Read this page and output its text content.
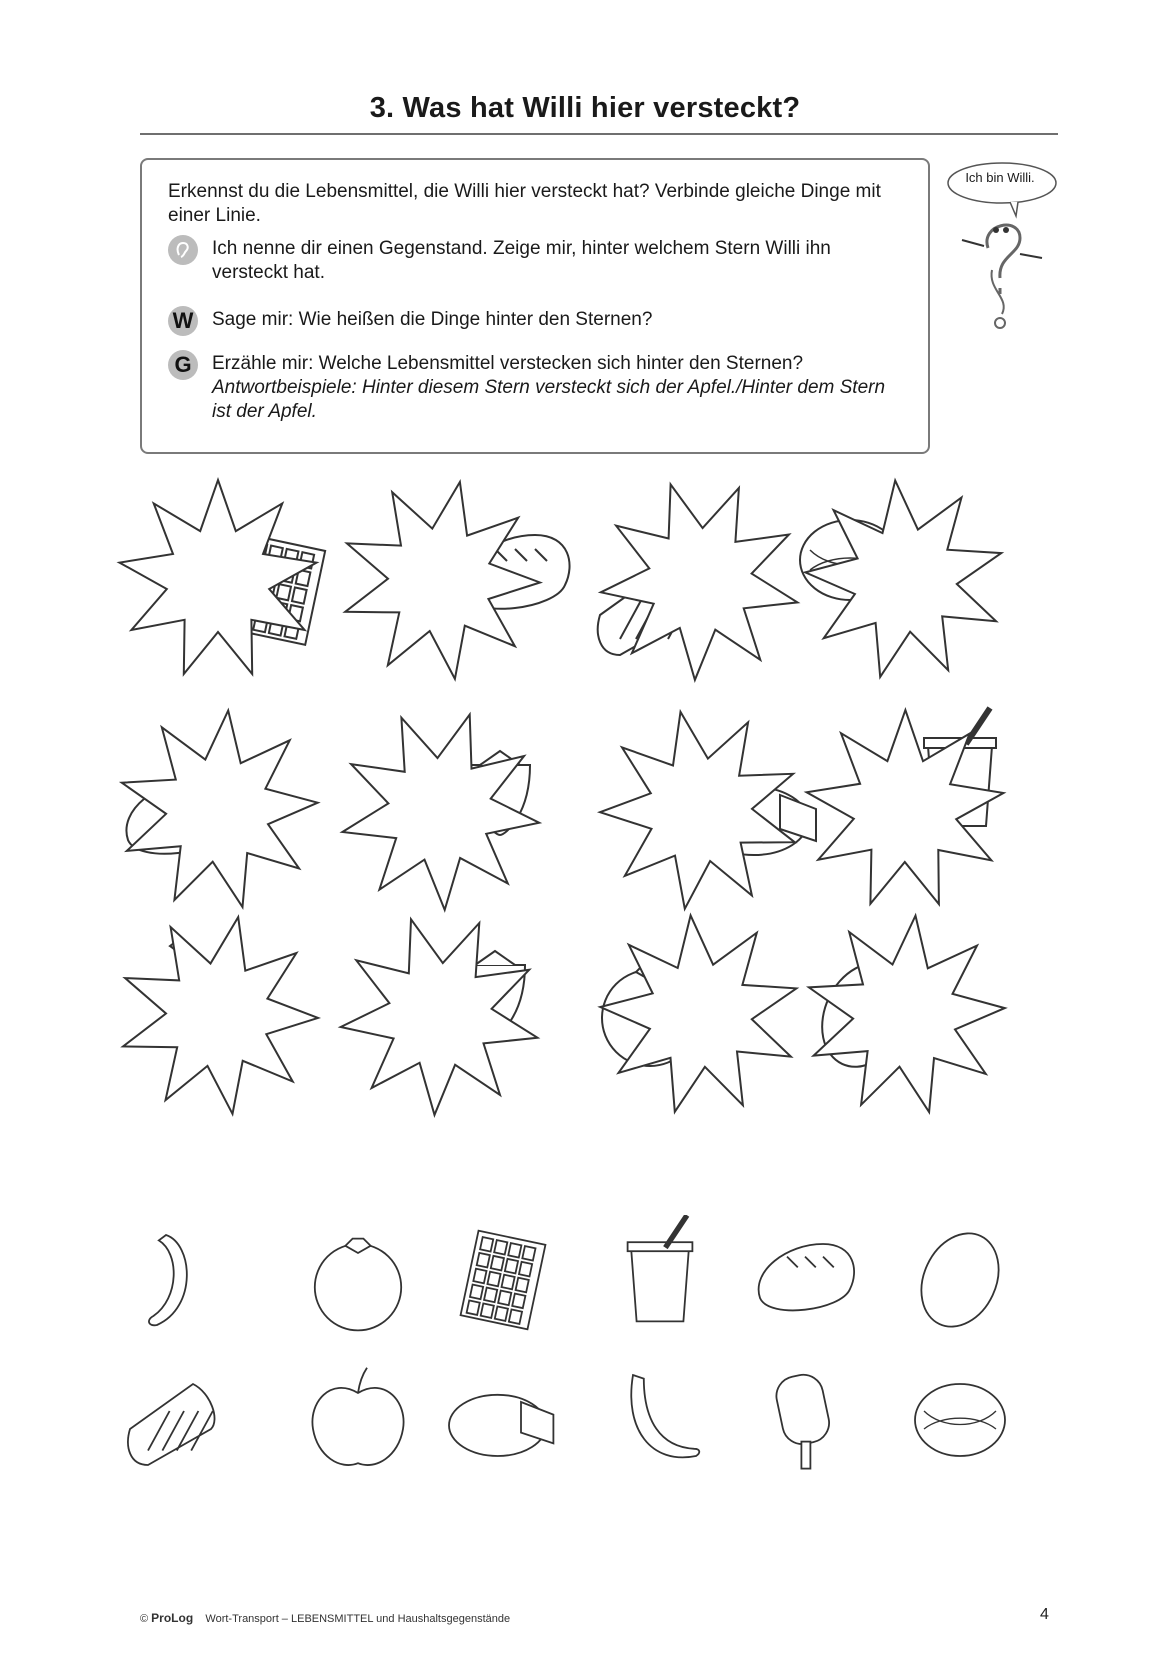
3. Was hat Willi hier versteckt?
Erkennst du die Lebensmittel, die Willi hier versteckt hat? Verbinde gleiche Dinge mit einer Linie.
Ich nenne dir einen Gegenstand. Zeige mir, hinter welchem Stern Willi ihn versteckt hat.
W Sage mir: Wie heißen die Dinge hinter den Sternen?
G	Erzähle mir: Welche Lebensmittel verstecken sich hinter den Sternen?
Antwortbeispiele: Hinter diesem Stern versteckt sich der Apfel./Hinter dem Stern ist der Apfel.
Ich bin Willi.
© ProLog Wort-Transport – LEBENSMITTEL und Haushaltsgegenstände	4
